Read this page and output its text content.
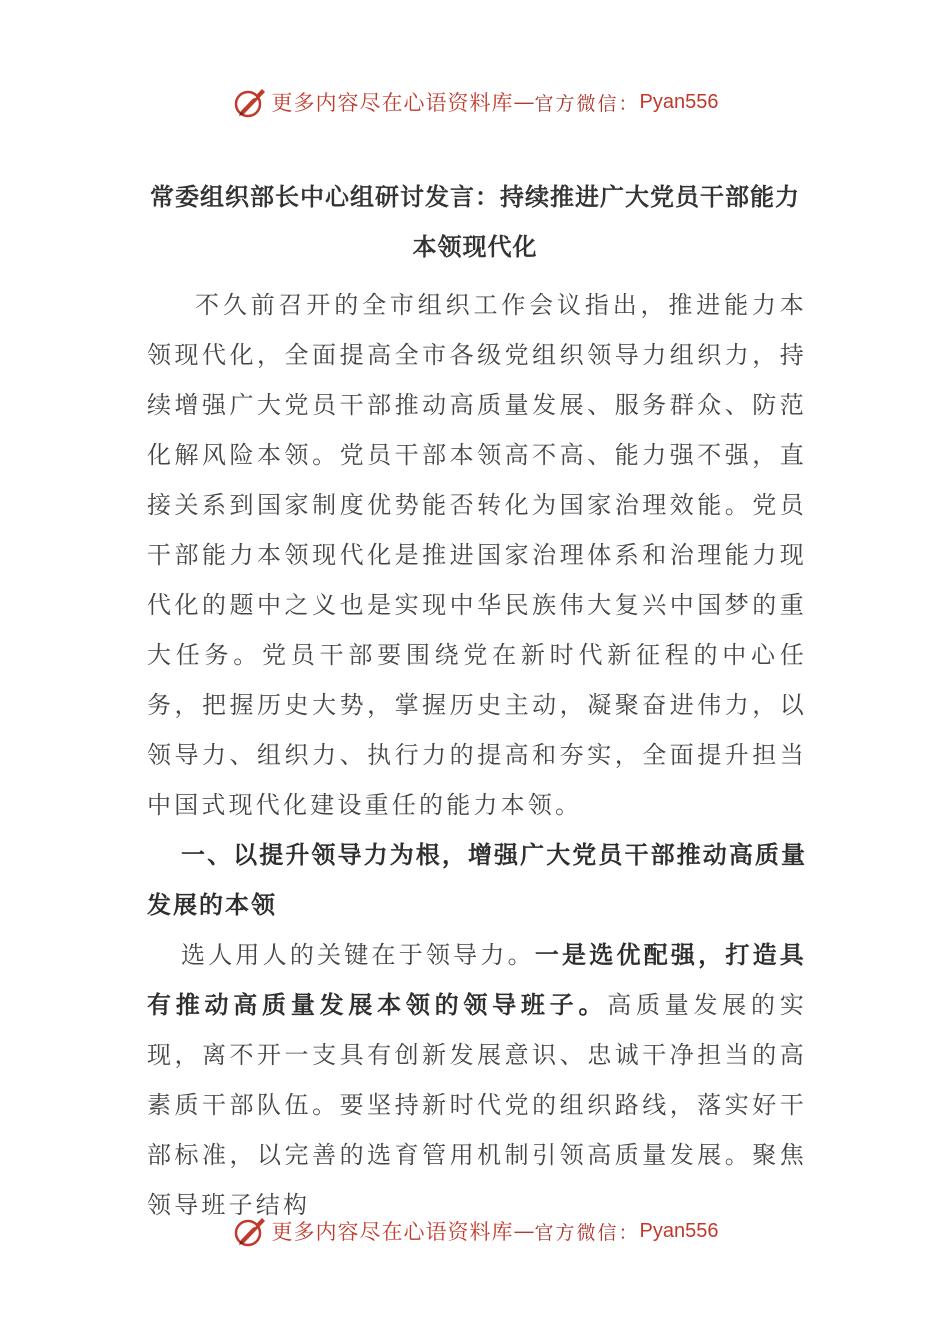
更多内容尽在心语资料库 — 官方微信： Pyan556
常委组织部长中心组研讨发言：持续推进广大党员干部能力本领现代化
不久前召开的全市组织工作会议指出，推进能力本领现代化，全面提高全市各级党组织领导力组织力，持续增强广大党员干部推动高质量发展、服务群众、防范化解风险本领。党员干部本领高不高、能力强不强，直接关系到国家制度优势能否转化为国家治理效能。党员干部能力本领现代化是推进国家治理体系和治理能力现代化的题中之义也是实现中华民族伟大复兴中国梦的重大任务。党员干部要围绕党在新时代新征程的中心任务，把握历史大势，掌握历史主动，凝聚奋进伟力，以领导力、组织力、执行力的提高和夯实，全面提升担当中国式现代化建设重任的能力本领。
一、以提升领导力为根，增强广大党员干部推动高质量发展的本领
选人用人的关键在于领导力。一是选优配强，打造具有推动高质量发展本领的领导班子。高质量发展的实现，离不开一支具有创新发展意识、忠诚干净担当的高素质干部队伍。要坚持新时代党的组织路线，落实好干部标准，以完善的选育管用机制引领高质量发展。聚焦领导班子结构
更多内容尽在心语资料库 — 官方微信： Pyan556
